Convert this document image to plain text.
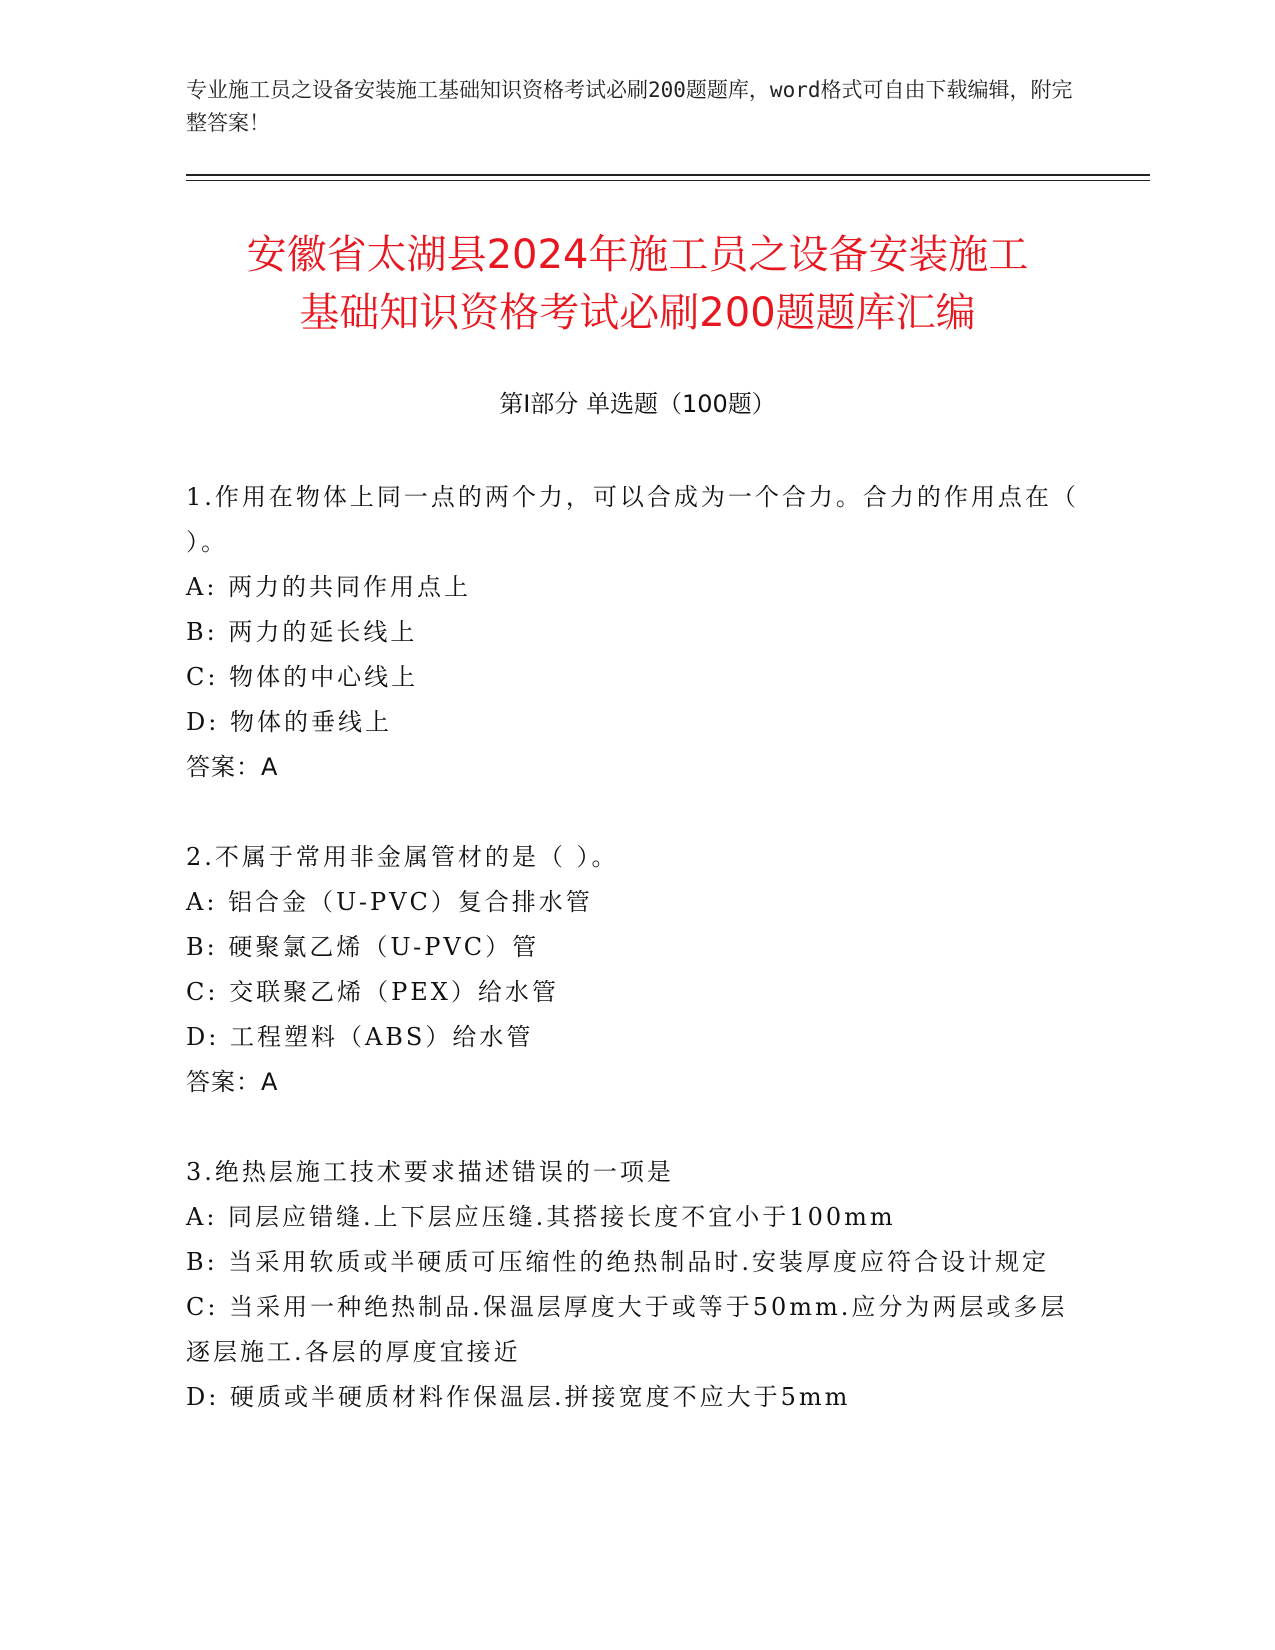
专业施工员之设备安装施工基础知识资格考试必刷200题题库，word格式可自由下载编辑，附完整答案！
安徽省太湖县2024年施工员之设备安装施工
基础知识资格考试必刷200题题库汇编
第I部分 单选题（100题）
1.作用在物体上同一点的两个力，可以合成为一个合力。合力的作用点在（ ）。
A: 两力的共同作用点上
B: 两力的延长线上
C: 物体的中心线上
D: 物体的垂线上
答案：A
2.不属于常用非金属管材的是（ ）。
A: 铝合金（U-PVC）复合排水管
B: 硬聚氯乙烯（U-PVC）管
C: 交联聚乙烯（PEX）给水管
D: 工程塑料（ABS）给水管
答案：A
3.绝热层施工技术要求描述错误的一项是
A: 同层应错缝.上下层应压缝.其搭接长度不宜小于100mm
B: 当采用软质或半硬质可压缩性的绝热制品时.安装厚度应符合设计规定
C: 当采用一种绝热制品.保温层厚度大于或等于50mm.应分为两层或多层逐层施工.各层的厚度宜接近
D: 硬质或半硬质材料作保温层.拼接宽度不应大于5mm
